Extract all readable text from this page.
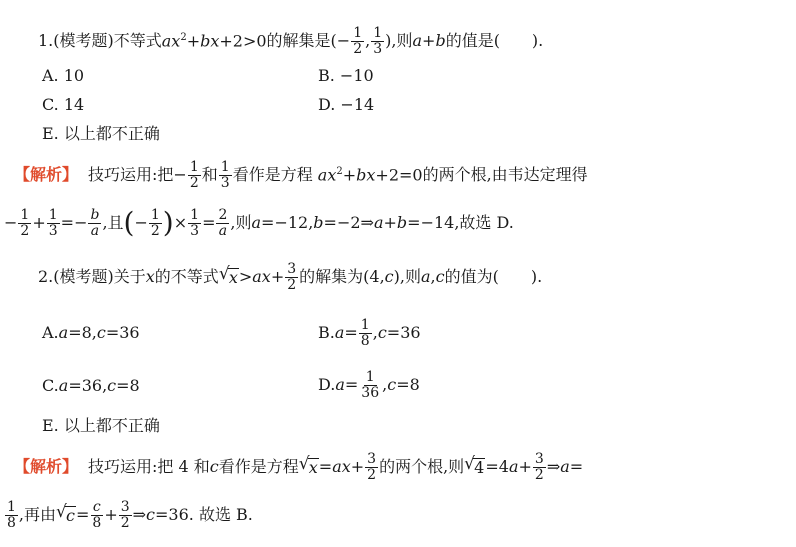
1.(模考题)不等式$ax^2+bx+2>0$的解集是(− $\frac{1}{2}$ , $\frac{1}{3}$ ),则a+b的值是(　　).
A. 10	B. −10
C. 14	D. −14
E. 以上都不正确
【解析】 技巧运用:把− $\frac{1}{2}$ 和 $\frac{1}{3}$ 看作是方程 $ax^2+bx+2=0$的两个根,由韦达定理得
− $\frac{1}{2} + \frac{1}{3} =- \frac{b}{a}$ ,且(− $\frac{1}{2}$ )× $\frac{1}{3} = \frac{2}{a}$ ,则a=−12,b=−2⇒a+b=−14,故选 D.
2.(模考题)关于x的不等式 √ $x>ax+ \frac{3}{2}$ 的解集为(4,c),则a,c的值为(　　).
A.a=8,c=36	$B.a= \frac{1}{8} ,c=36$
C.a=36,c=8	$D.a= \frac{1}{36} ,c=8$
E. 以上都不正确
【解析】 技巧运用:把 4 和c看作是方程 √ $x=ax+ \frac{3}{2}$ 的两个根,则 √ $4=4a+ \frac{3}{2}$ ⇒a=
$\frac{1}{8}$ ,再由 √ $c= \frac{c}{8} + \frac{3}{2}$ ⇒c=36. 故选 B.
